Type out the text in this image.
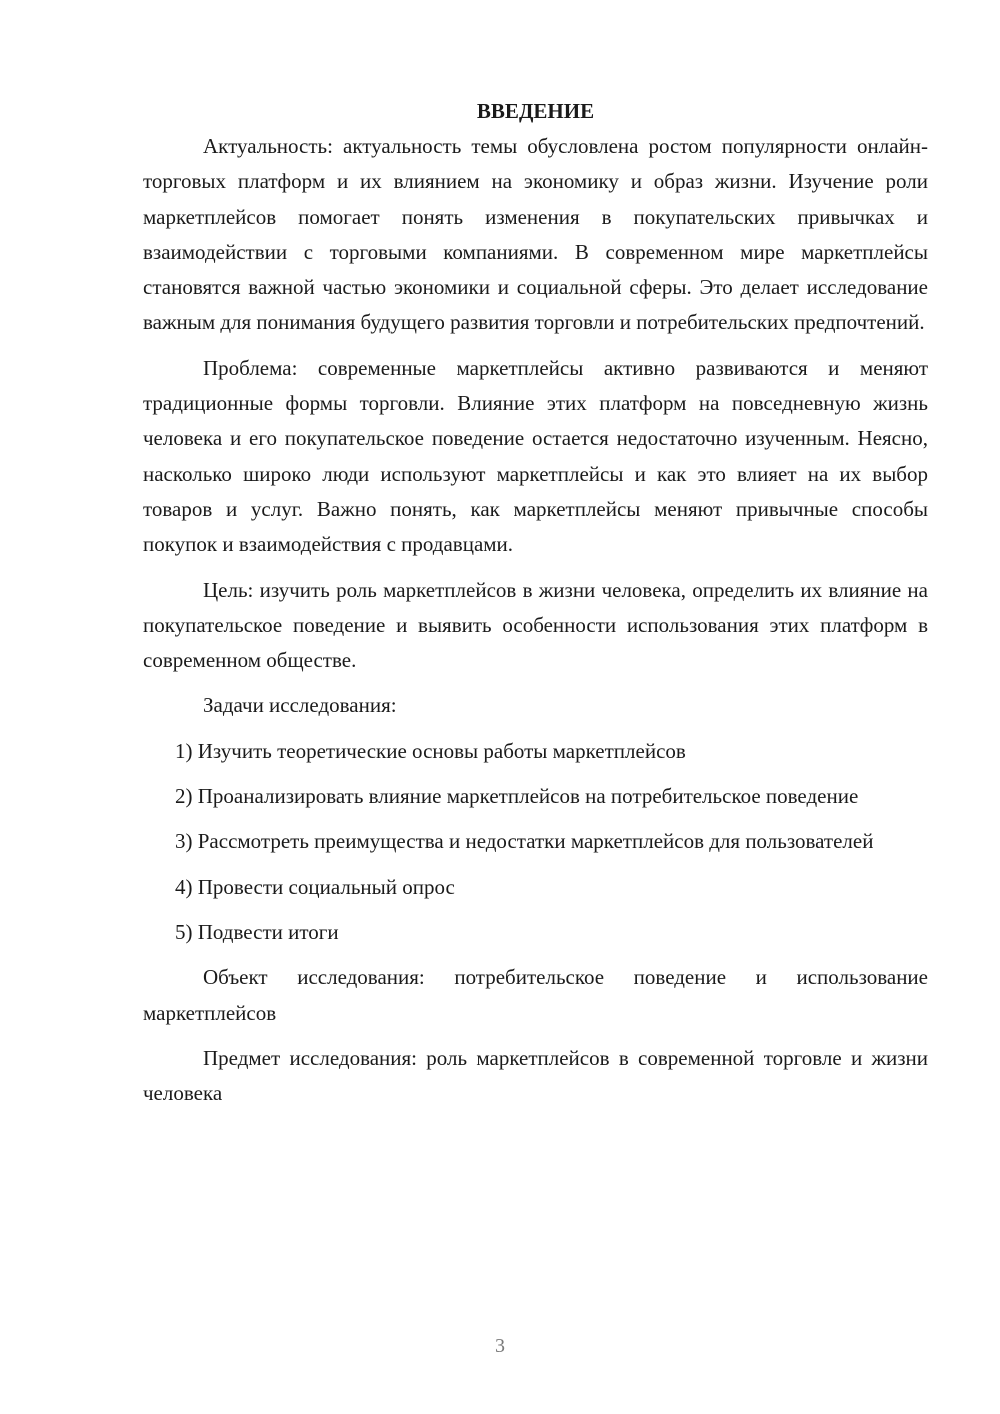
ВВЕДЕНИЕ

Актуальность: актуальность темы обусловлена ростом популярности онлайн-торговых платформ и их влиянием на экономику и образ жизни. Изучение роли маркетплейсов помогает понять изменения в покупательских привычках и взаимодействии с торговыми компаниями. В современном мире маркетплейсы становятся важной частью экономики и социальной сферы. Это делает исследование важным для понимания будущего развития торговли и потребительских предпочтений.

Проблема: современные маркетплейсы активно развиваются и меняют традиционные формы торговли. Влияние этих платформ на повседневную жизнь человека и его покупательское поведение остается недостаточно изученным. Неясно, насколько широко люди используют маркетплейсы и как это влияет на их выбор товаров и услуг. Важно понять, как маркетплейсы меняют привычные способы покупок и взаимодействия с продавцами.

Цель: изучить роль маркетплейсов в жизни человека, определить их влияние на покупательское поведение и выявить особенности использования этих платформ в современном обществе.

Задачи исследования:

1) Изучить теоретические основы работы маркетплейсов

2) Проанализировать влияние маркетплейсов на потребительское поведение

3) Рассмотреть преимущества и недостатки маркетплейсов для пользователей

4) Провести социальный опрос

5) Подвести итоги

Объект исследования: потребительское поведение и использование маркетплейсов

Предмет исследования: роль маркетплейсов в современной торговле и жизни человека

3
